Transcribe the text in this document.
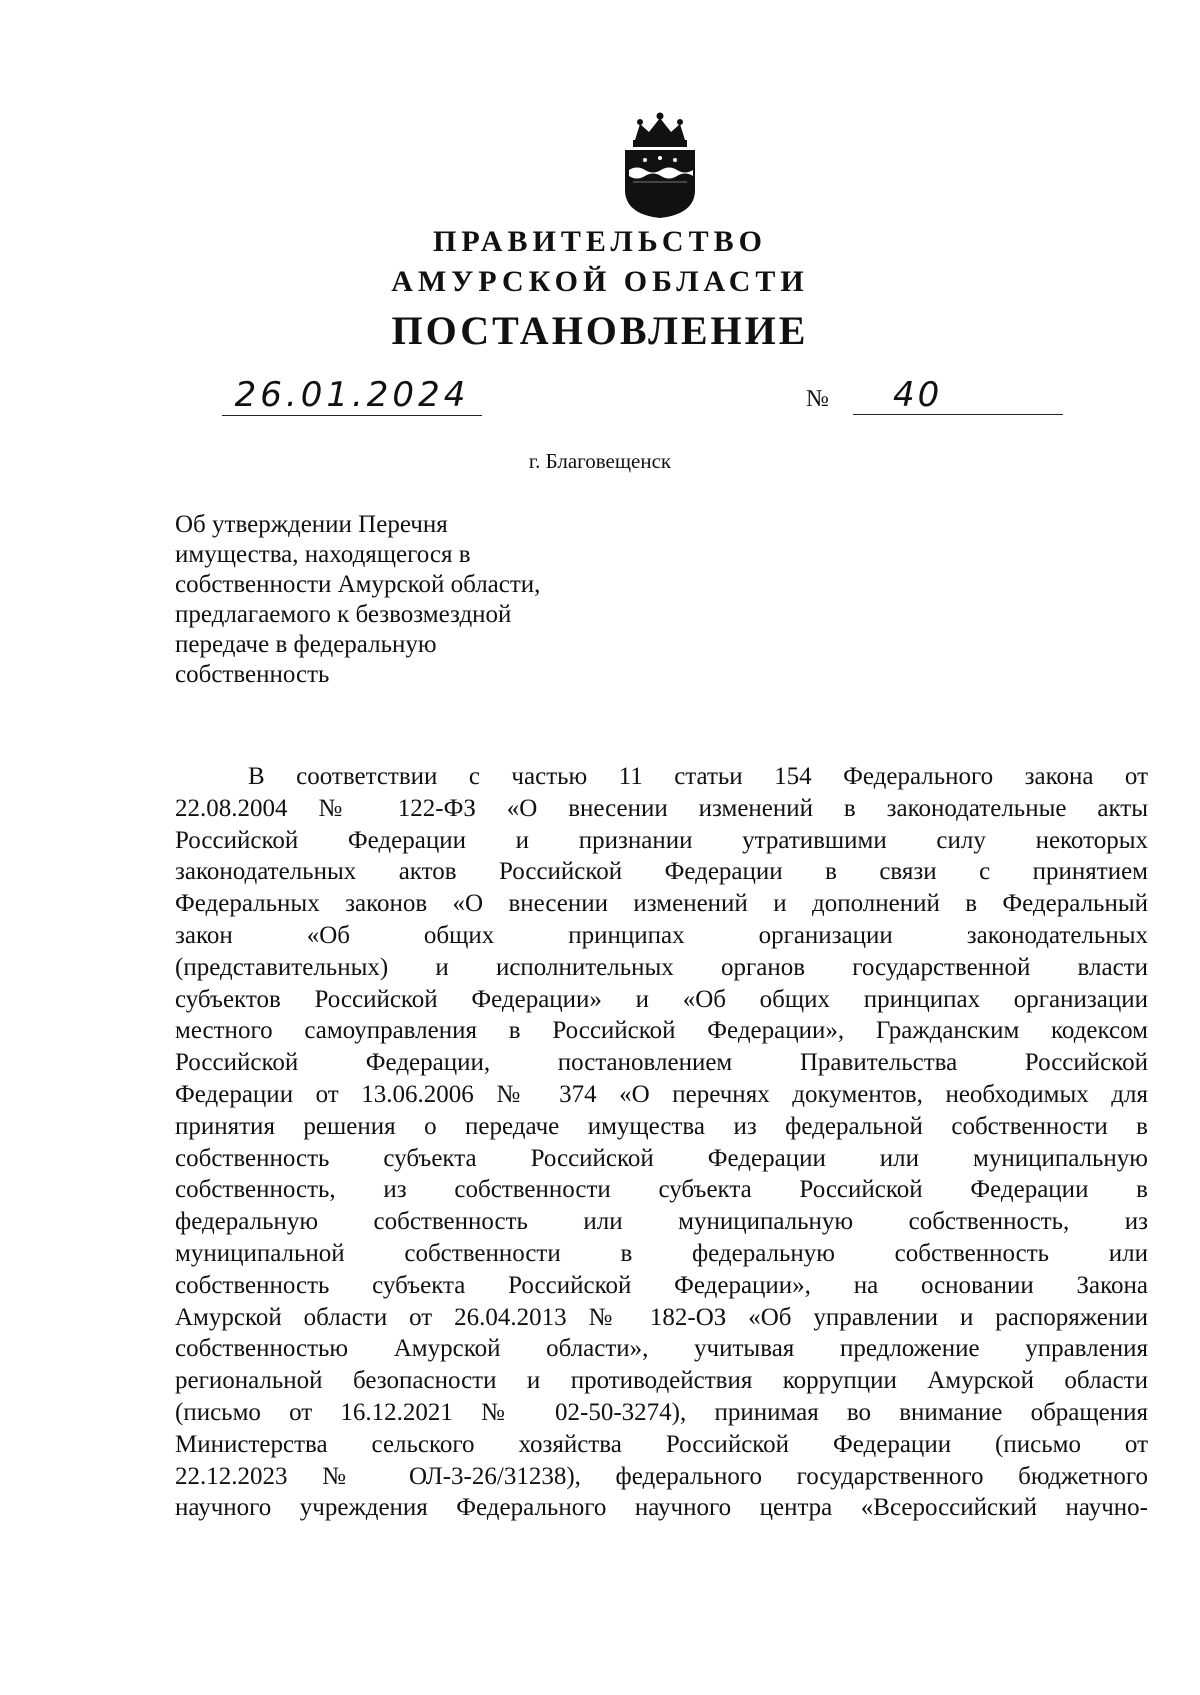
ПРАВИТЕЛЬСТВО
АМУРСКОЙ ОБЛАСТИ
ПОСТАНОВЛЕНИЕ
26.01.2024	№	40
г. Благовещенск
Об утверждении Перечня
имущества, находящегося в
собственности Амурской области,
предлагаемого к безвозмездной
передаче в федеральную
собственность
В соответствии с частью 11 статьи 154 Федерального закона от
22.08.2004 № 122-ФЗ «О внесении изменений в законодательные акты
Российской Федерации и признании утратившими силу некоторых
законодательных актов Российской Федерации в связи с принятием
Федеральных законов «О внесении изменений и дополнений в Федеральный
закон «Об общих принципах организации законодательных
(представительных) и исполнительных органов государственной власти
субъектов Российской Федерации» и «Об общих принципах организации
местного самоуправления в Российской Федерации», Гражданским кодексом
Российской Федерации, постановлением Правительства Российской
Федерации от 13.06.2006 № 374 «О перечнях документов, необходимых для
принятия решения о передаче имущества из федеральной собственности в
собственность субъекта Российской Федерации или муниципальную
собственность, из собственности субъекта Российской Федерации в
федеральную собственность или муниципальную собственность, из
муниципальной собственности в федеральную собственность или
собственность субъекта Российской Федерации», на основании Закона
Амурской области от 26.04.2013 № 182-ОЗ «Об управлении и распоряжении
собственностью Амурской области», учитывая предложение управления
региональной безопасности и противодействия коррупции Амурской области
(письмо от 16.12.2021 № 02-50-3274), принимая во внимание обращения
Министерства сельского хозяйства Российской Федерации (письмо от
22.12.2023 № ОЛ-3-26/31238), федерального государственного бюджетного
научного учреждения Федерального научного центра «Всероссийский научно-
